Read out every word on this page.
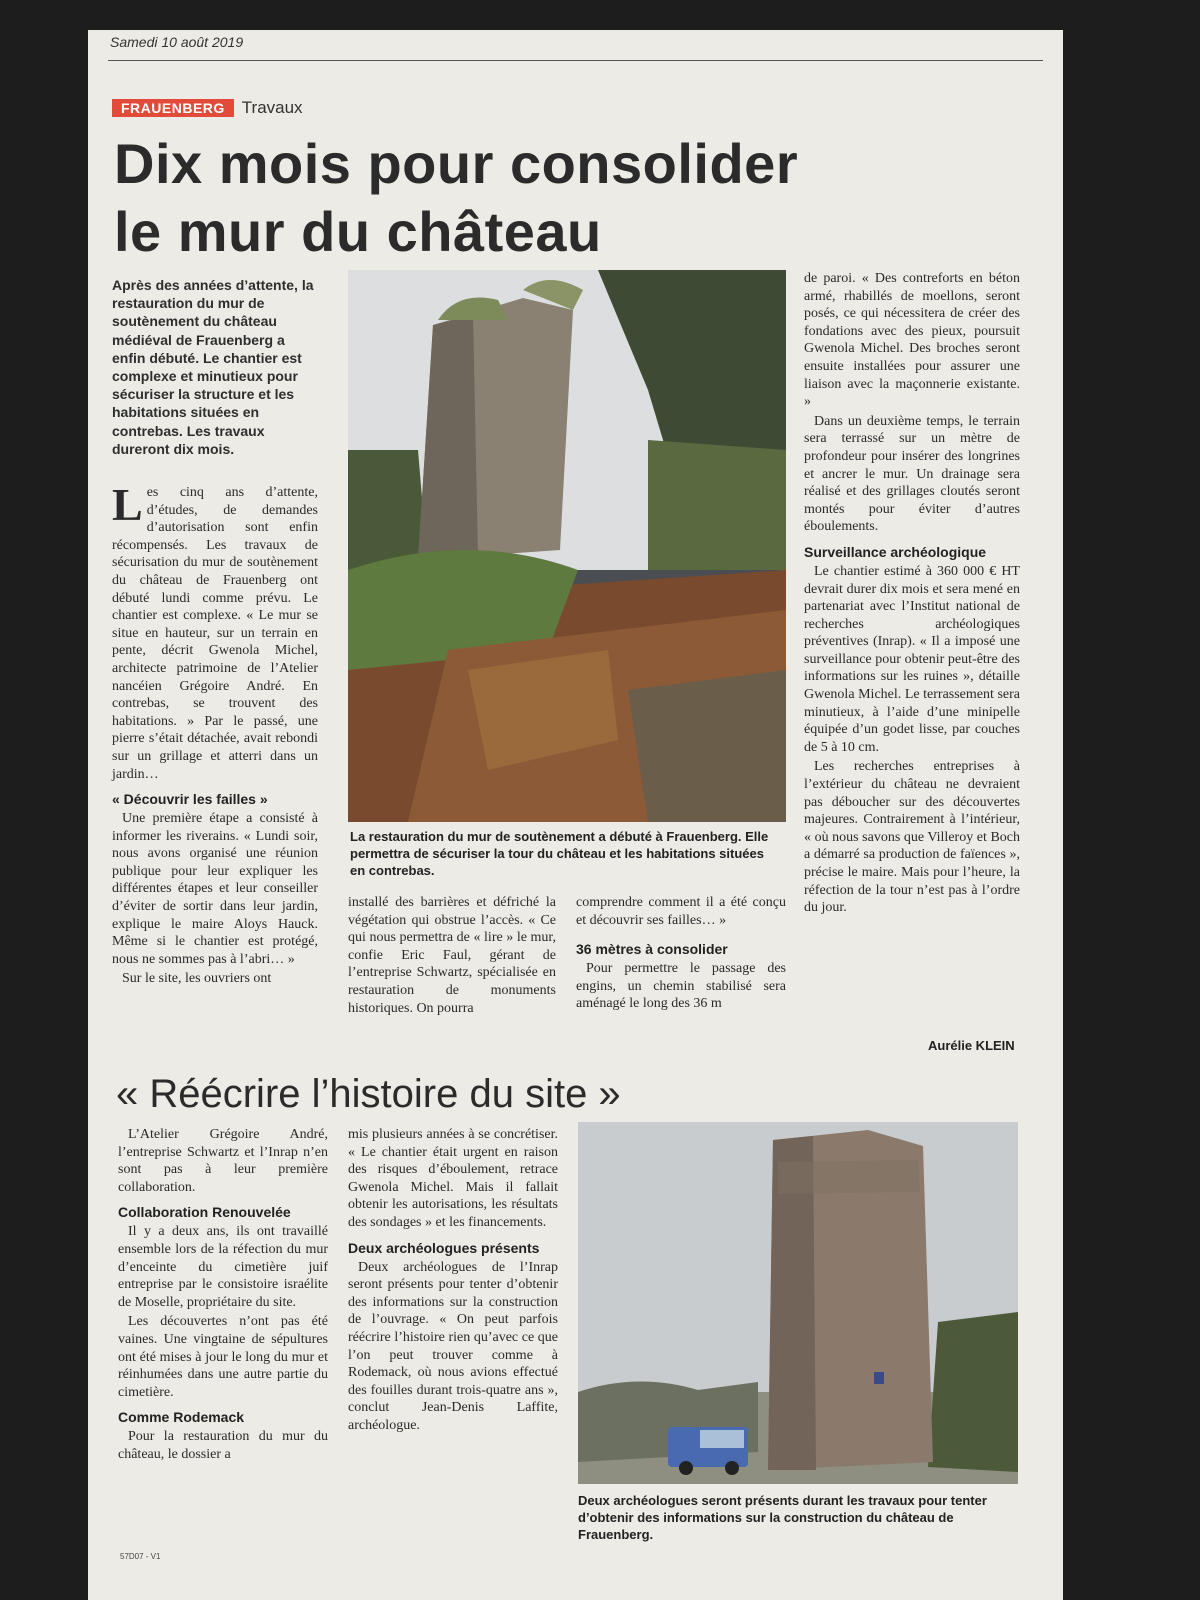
Samedi 10 août 2019
FRAUENBERG	Travaux
Dix mois pour consolider
le mur du château
Après des années d’attente, la restauration du mur de soutènement du château médiéval de Frauenberg a enfin débuté. Le chantier est complexe et minutieux pour sécuriser la structure et les habitations situées en contrebas. Les travaux dureront dix mois.

Les cinq ans d’attente, d’études, de demandes d’autorisation sont enfin récompensés. Les travaux de sécurisation du mur de soutènement du château de Frauenberg ont débuté lundi comme prévu. Le chantier est complexe. « Le mur se situe en hauteur, sur un terrain en pente, décrit Gwenola Michel, architecte patrimoine de l’Atelier nancéien Grégoire André. En contrebas, se trouvent des habitations. » Par le passé, une pierre s’était détachée, avait rebondi sur un grillage et atterri dans un jardin…

« Découvrir les failles »

Une première étape a consisté à informer les riverains. « Lundi soir, nous avons organisé une réunion publique pour leur expliquer les différentes étapes et leur conseiller d’éviter de sortir dans leur jardin, explique le maire Aloys Hauck. Même si le chantier est protégé, nous ne sommes pas à l’abri… »

Sur le site, les ouvriers ont

La restauration du mur de soutènement a débuté à Frauenberg. Elle permettra de sécuriser la tour du château et les habitations situées en contrebas.

installé des barrières et défriché la végétation qui obstrue l’accès. « Ce qui nous permettra de « lire » le mur, confie Eric Faul, gérant de l’entreprise Schwartz, spécialisée en restauration de monuments historiques. On pourra

comprendre comment il a été conçu et découvrir ses failles… »

36 mètres à consolider

Pour permettre le passage des engins, un chemin stabilisé sera aménagé le long des 36 m

de paroi. « Des contreforts en béton armé, rhabillés de moellons, seront posés, ce qui nécessitera de créer des fondations avec des pieux, poursuit Gwenola Michel. Des broches seront ensuite installées pour assurer une liaison avec la maçonnerie existante. »

Dans un deuxième temps, le terrain sera terrassé sur un mètre de profondeur pour insérer des longrines et ancrer le mur. Un drainage sera réalisé et des grillages cloutés seront montés pour éviter d’autres éboulements.

Surveillance archéologique

Le chantier estimé à 360 000 € HT devrait durer dix mois et sera mené en partenariat avec l’Institut national de recherches archéologiques préventives (Inrap). « Il a imposé une surveillance pour obtenir peut-être des informations sur les ruines », détaille Gwenola Michel. Le terrassement sera minutieux, à l’aide d’une minipelle équipée d’un godet lisse, par couches de 5 à 10 cm.

Les recherches entreprises à l’extérieur du château ne devraient pas déboucher sur des découvertes majeures. Contrairement à l’intérieur, « où nous savons que Villeroy et Boch a démarré sa production de faïences », précise le maire. Mais pour l’heure, la réfection de la tour n’est pas à l’ordre du jour.

Aurélie KLEIN
« Réécrire l’histoire du site »

L’Atelier Grégoire André, l’entreprise Schwartz et l’Inrap n’en sont pas à leur première collaboration.

Collaboration Renouvelée

Il y a deux ans, ils ont travaillé ensemble lors de la réfection du mur d’enceinte du cimetière juif entreprise par le consistoire israélite de Moselle, propriétaire du site.

Les découvertes n’ont pas été vaines. Une vingtaine de sépultures ont été mises à jour le long du mur et réinhumées dans une autre partie du cimetière.

Comme Rodemack

Pour la restauration du mur du château, le dossier a

mis plusieurs années à se concrétiser. « Le chantier était urgent en raison des risques d’éboulement, retrace Gwenola Michel. Mais il fallait obtenir les autorisations, les résultats des sondages » et les financements.

Deux archéologues présents

Deux archéologues de l’Inrap seront présents pour tenter d’obtenir des informations sur la construction de l’ouvrage. « On peut parfois réécrire l’histoire rien qu’avec ce que l’on peut trouver comme à Rodemack, où nous avions effectué des fouilles durant trois-quatre ans », conclut Jean-Denis Laffite, archéologue.

Deux archéologues seront présents durant les travaux pour tenter d’obtenir des informations sur la construction du château de Frauenberg.
57D07 - V1
